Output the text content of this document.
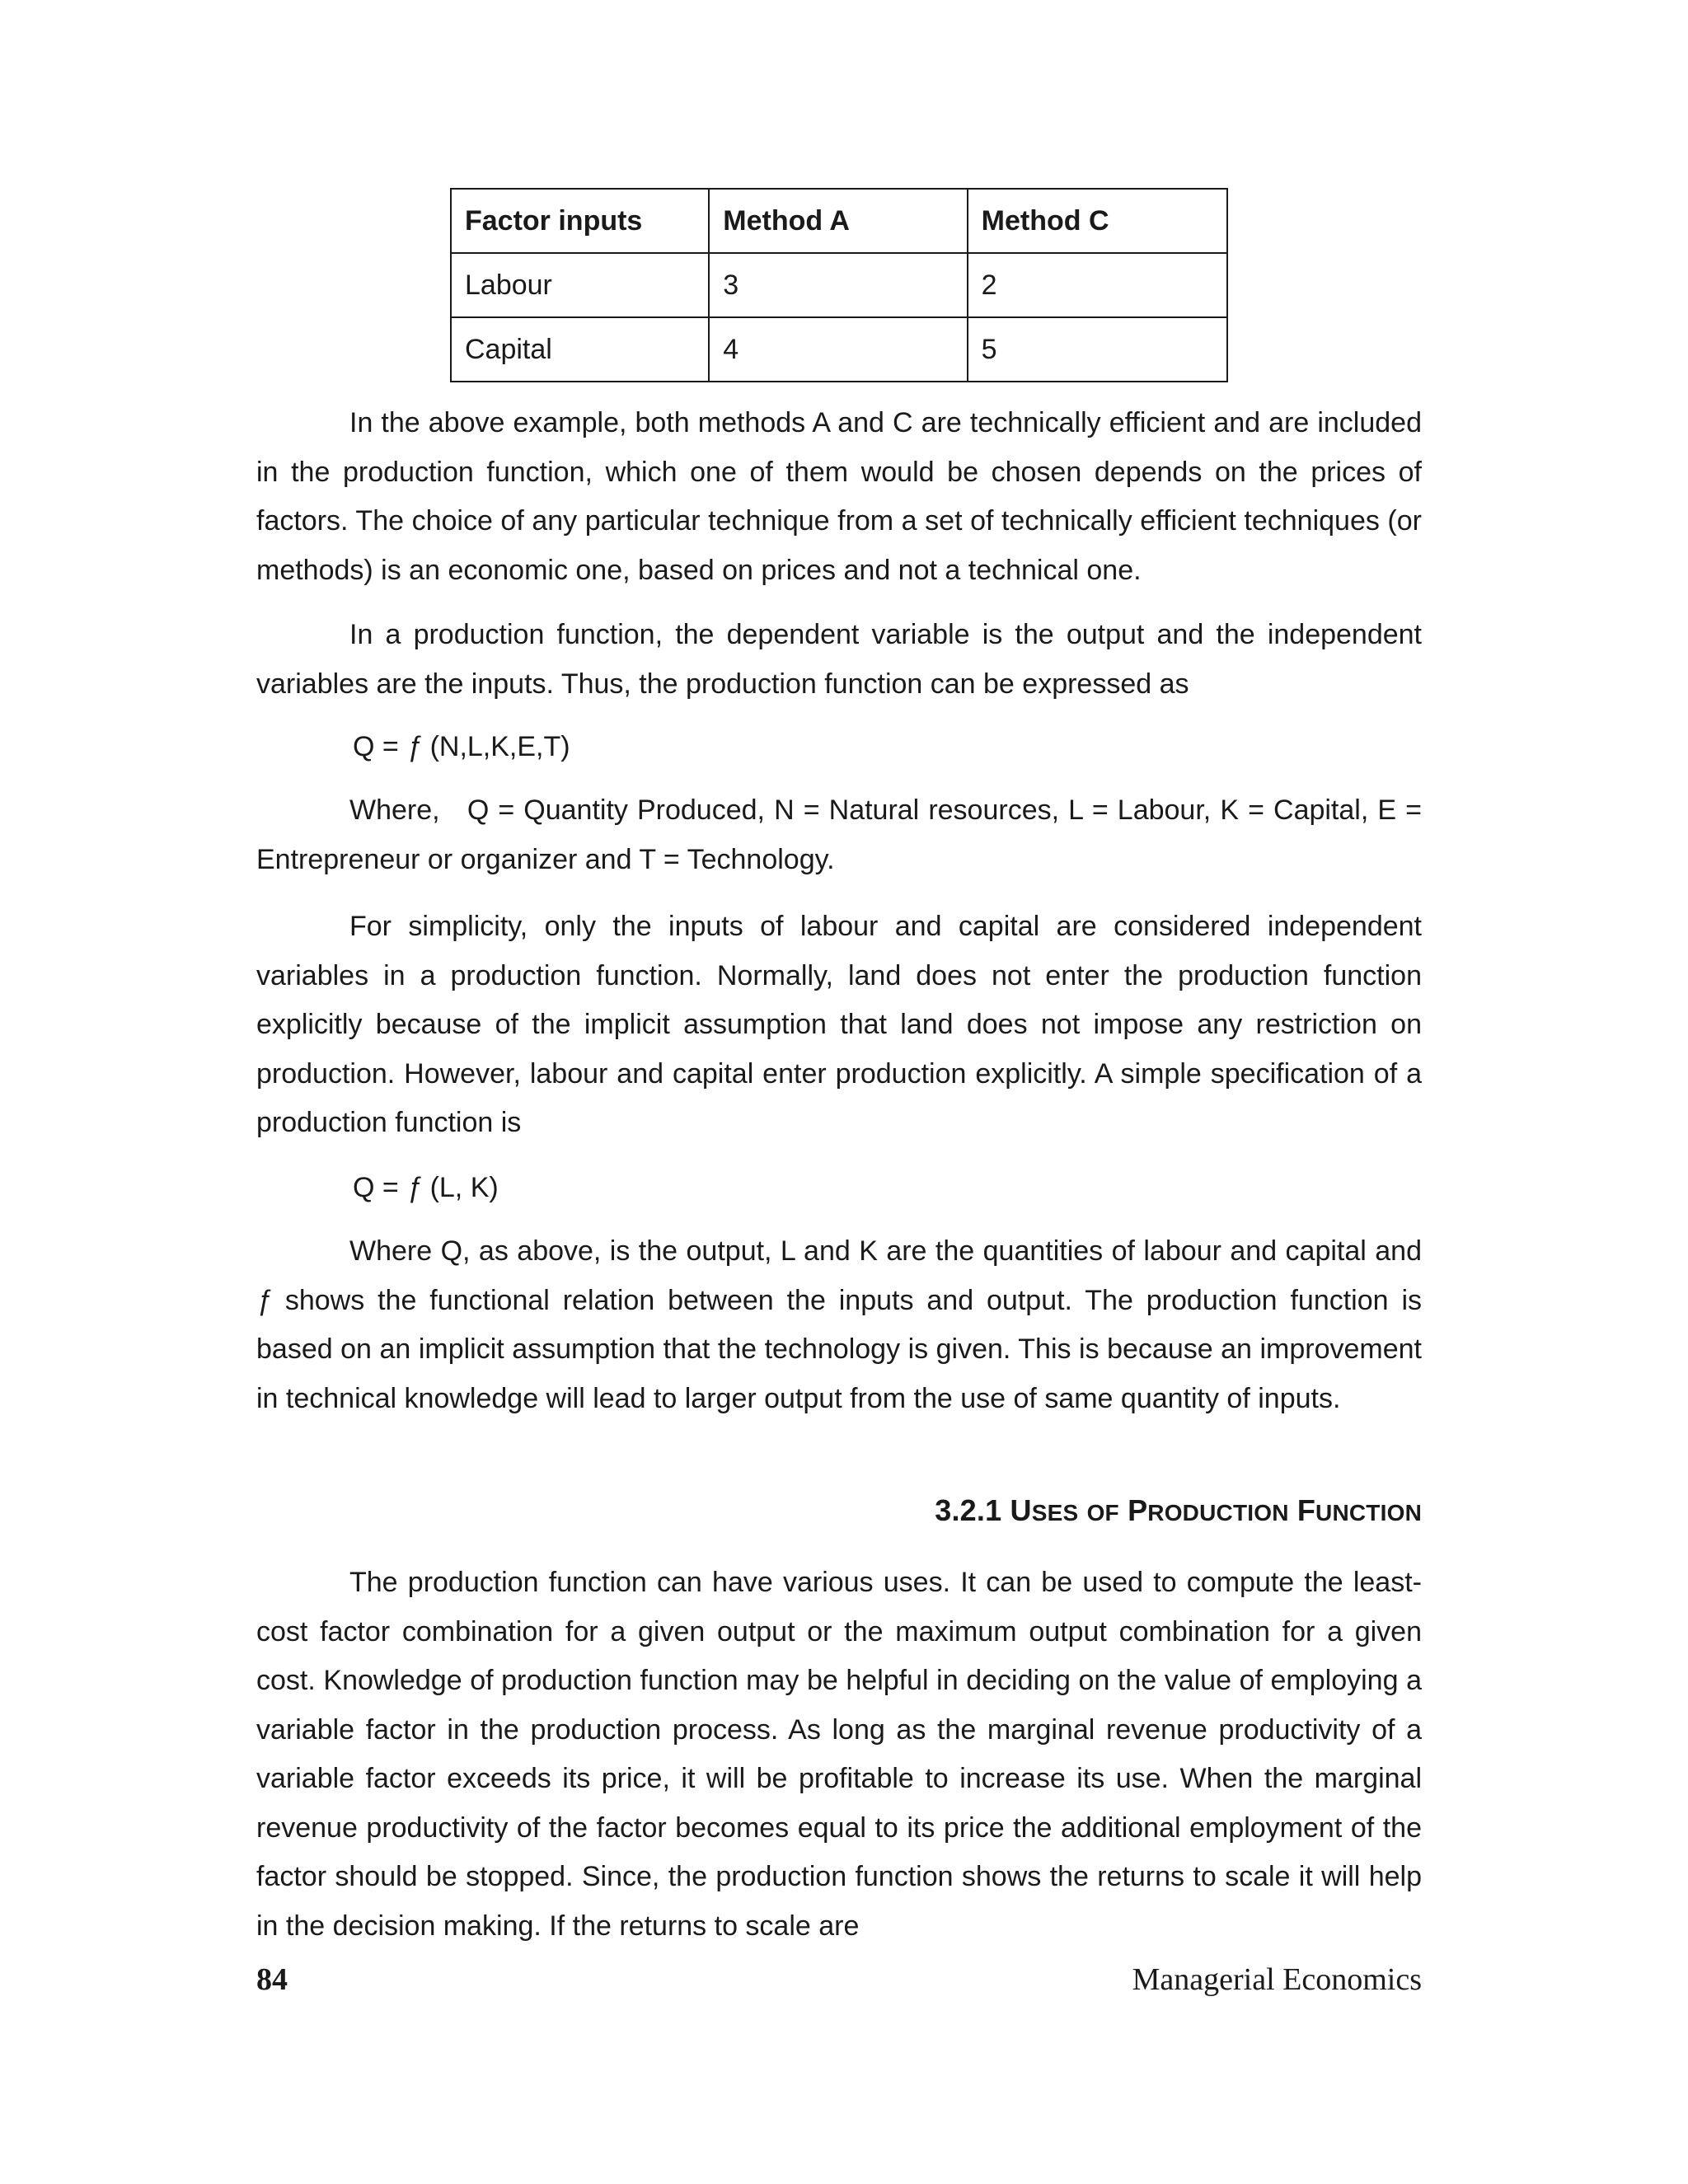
Factor inputs	Method A	Method C
Labour	3	2
Capital	4	5

In the above example, both methods A and C are technically efficient and are included in the production function, which one of them would be chosen depends on the prices of factors. The choice of any particular technique from a set of technically efficient techniques (or methods) is an economic one, based on prices and not a technical one.

In a production function, the dependent variable is the output and the independent variables are the inputs. Thus, the production function can be expressed as

Q = ƒ (N,L,K,E,T)

Where,   Q = Quantity Produced, N = Natural resources, L = Labour, K = Capital, E = Entrepreneur or organizer and T = Technology.

For simplicity, only the inputs of labour and capital are considered independent variables in a production function. Normally, land does not enter the production function explicitly because of the implicit assumption that land does not impose any restriction on production. However, labour and capital enter production explicitly. A simple specification of a production function is

Q = ƒ (L, K)

Where Q, as above, is the output, L and K are the quantities of labour and capital and ƒ shows the functional relation between the inputs and output. The production function is based on an implicit assumption that the technology is given. This is because an improvement in technical knowledge will lead to larger output from the use of same quantity of inputs.

3.2.1 USES OF PRODUCTION FUNCTION

The production function can have various uses. It can be used to compute the least-cost factor combination for a given output or the maximum output combination for a given cost. Knowledge of production function may be helpful in deciding on the value of employing a variable factor in the production process. As long as the marginal revenue productivity of a variable factor exceeds its price, it will be profitable to increase its use. When the marginal revenue productivity of the factor becomes equal to its price the additional employment of the factor should be stopped. Since, the production function shows the returns to scale it will help in the decision making. If the returns to scale are

84	Managerial Economics
